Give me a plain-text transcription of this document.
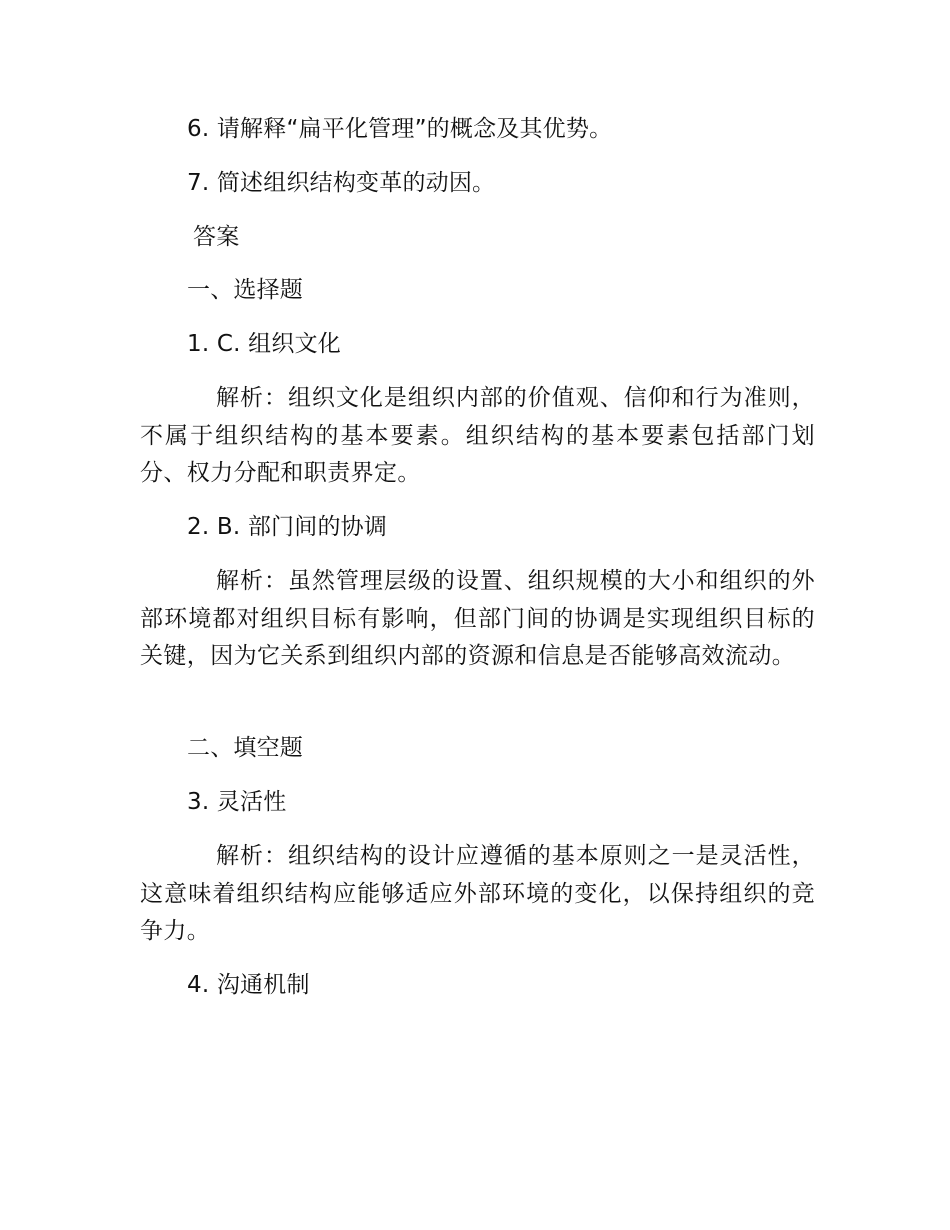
6. 请解释“扁平化管理”的概念及其优势。
7. 简述组织结构变革的动因。
答案
一、选择题
1. C. 组织文化
解析：组织文化是组织内部的价值观、信仰和行为准则，不属于组织结构的基本要素。组织结构的基本要素包括部门划分、权力分配和职责界定。
2. B. 部门间的协调
解析：虽然管理层级的设置、组织规模的大小和组织的外部环境都对组织目标有影响，但部门间的协调是实现组织目标的关键，因为它关系到组织内部的资源和信息是否能够高效流动。
二、填空题
3. 灵活性
解析：组织结构的设计应遵循的基本原则之一是灵活性，这意味着组织结构应能够适应外部环境的变化，以保持组织的竞争力。
4. 沟通机制
